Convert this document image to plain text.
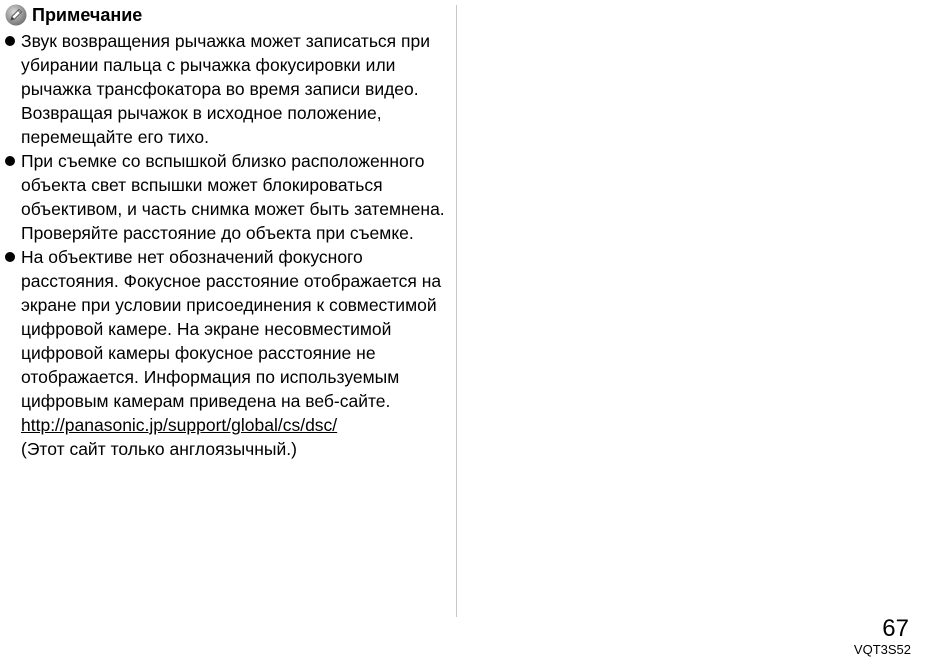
Примечание
Звук возвращения рычажка может записаться при убирании пальца с рычажка фокусировки или рычажка трансфокатора во время записи видео. Возвращая рычажок в исходное положение, перемещайте его тихо.
При съемке со вспышкой близко расположенного объекта свет вспышки может блокироваться объективом, и часть снимка может быть затемнена. Проверяйте расстояние до объекта при съемке.
На объективе нет обозначений фокусного расстояния. Фокусное расстояние отображается на экране при условии присоединения к совместимой цифровой камере. На экране несовместимой цифровой камеры фокусное расстояние не отображается. Информация по используемым цифровым камерам приведена на веб-сайте.
http://panasonic.jp/support/global/cs/dsc/
(Этот сайт только англоязычный.)
67
VQT3S52
